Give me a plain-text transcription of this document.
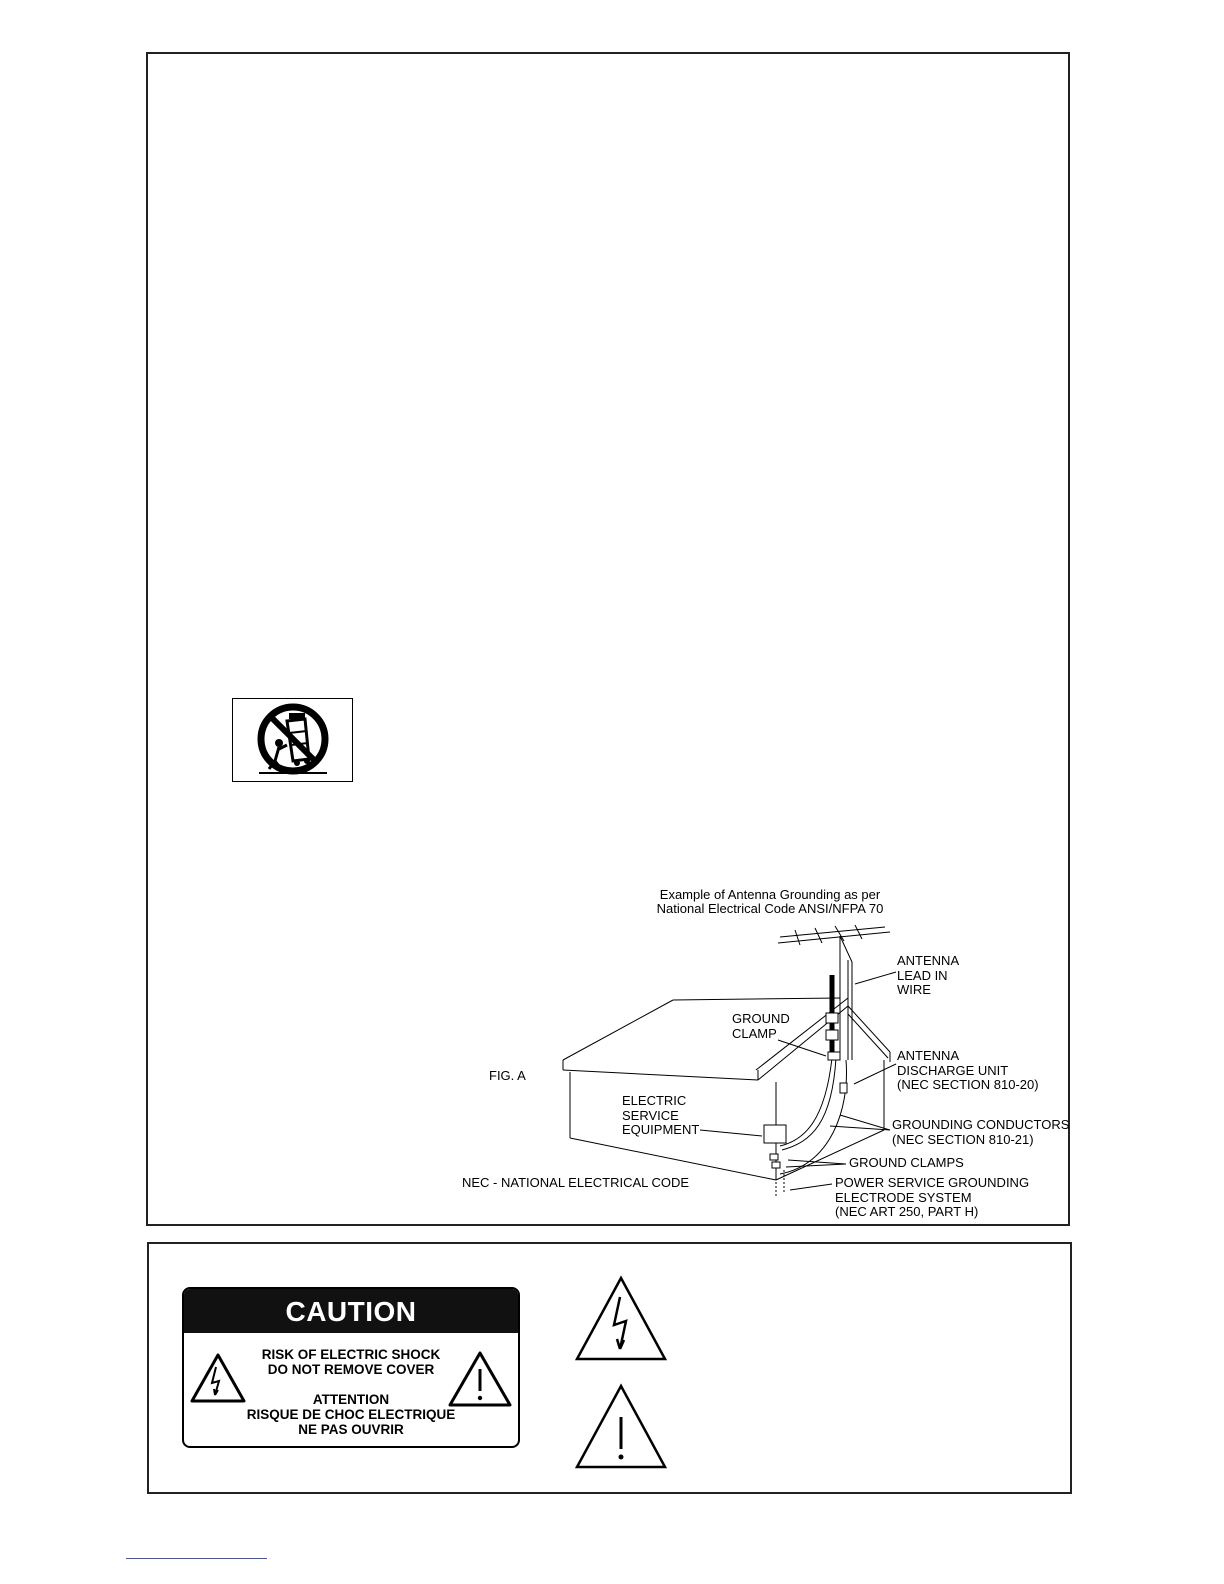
Example of Antenna Grounding as per
National Electrical Code ANSI/NFPA 70
ANTENNA
LEAD IN
WIRE
GROUND
CLAMP
ANTENNA
DISCHARGE UNIT
(NEC SECTION 810-20)
FIG. A
ELECTRIC
SERVICE
EQUIPMENT	GROUNDING CONDUCTORS
(NEC SECTION 810-21)
GROUND CLAMPS
NEC - NATIONAL ELECTRICAL CODE	POWER SERVICE GROUNDING
ELECTRODE SYSTEM
(NEC ART 250, PART H)
CAUTION
RISK OF ELECTRIC SHOCK
DO NOT REMOVE COVER
ATTENTION
RISQUE DE CHOC ELECTRIQUE
NE PAS OUVRIR
